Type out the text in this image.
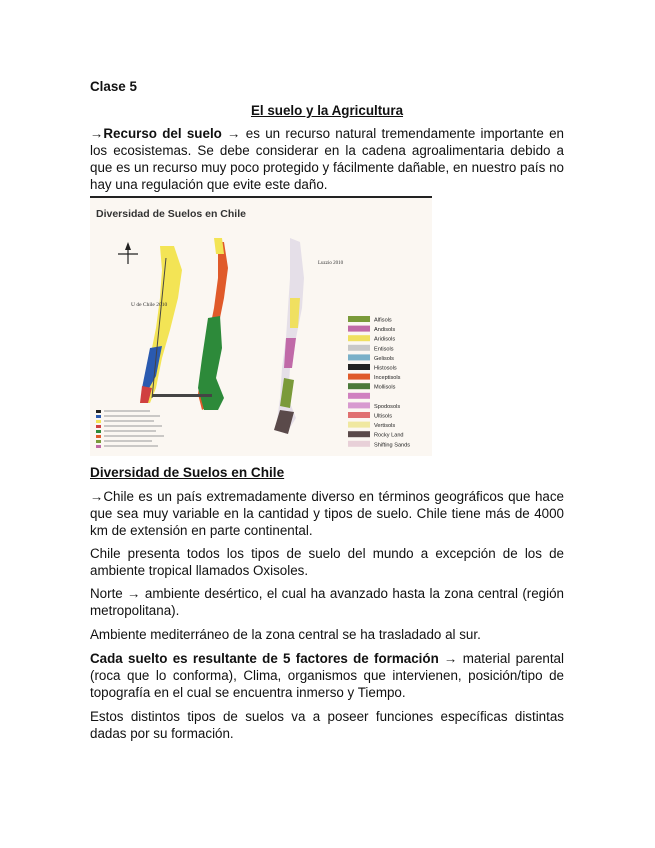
Clase 5
El suelo y la Agricultura
→Recurso del suelo → es un recurso natural tremendamente importante en los ecosistemas. Se debe considerar en la cadena agroalimentaria debido a que es un recurso muy poco protegido y fácilmente dañable, en nuestro país no hay una regulación que evite este daño.
U de Chile 2010
Luzzio 2010
Alfisols
Andisols
Aridisols
Entisols
Gelisols
Histosols
Inceptisols
Mollisols
Spodosols
Ultisols
Vertisols
Rocky Land
Shifting Sands
Diversidad de Suelos en Chile
Diversidad de Suelos en Chile
→Chile es un país extremadamente diverso en términos geográficos que hace que sea muy variable en la cantidad y tipos de suelo. Chile tiene más de 4000 km de extensión en parte continental.
Chile presenta todos los tipos de suelo del mundo a excepción de los de ambiente tropical llamados Oxisoles.
Norte → ambiente desértico, el cual ha avanzado hasta la zona central (región metropolitana).
Ambiente mediterráneo de la zona central se ha trasladado al sur.
Cada suelto es resultante de 5 factores de formación → material parental (roca que lo conforma), Clima, organismos que intervienen, posición/tipo de topografía en el cual se encuentra inmerso y Tiempo.
Estos distintos tipos de suelos va a poseer funciones específicas distintas dadas por su formación.
